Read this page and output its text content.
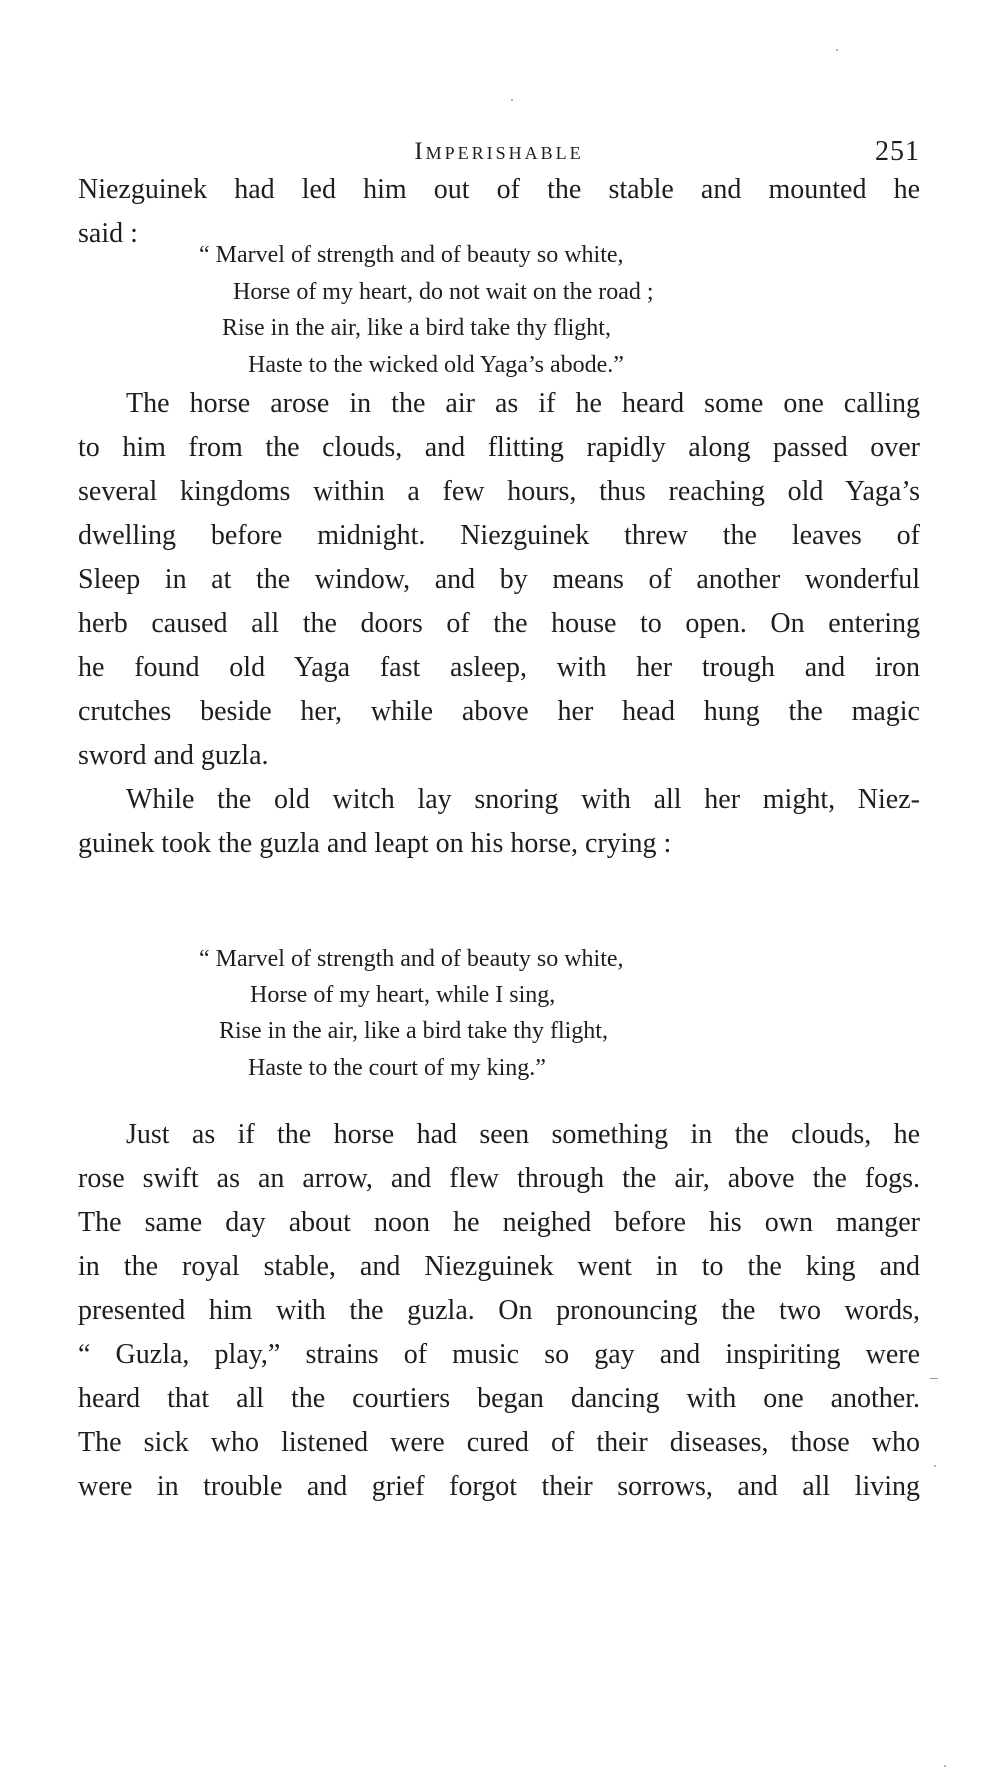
Imperishable	251
Niezguinek had led him out of the stable and mounted he
said :
“ Marvel of strength and of beauty so white,
Horse of my heart, do not wait on the road ;
Rise in the air, like a bird take thy flight,
Haste to the wicked old Yaga’s abode.”
The horse arose in the air as if he heard some one calling
to him from the clouds, and flitting rapidly along passed over
several kingdoms within a few hours, thus reaching old Yaga’s
dwelling before midnight. Niezguinek threw the leaves of
Sleep in at the window, and by means of another wonderful
herb caused all the doors of the house to open. On entering
he found old Yaga fast asleep, with her trough and iron
crutches beside her, while above her head hung the magic
sword and guzla.
While the old witch lay snoring with all her might, Niez-
guinek took the guzla and leapt on his horse, crying :
“ Marvel of strength and of beauty so white,
Horse of my heart, while I sing,
Rise in the air, like a bird take thy flight,
Haste to the court of my king.”
Just as if the horse had seen something in the clouds, he
rose swift as an arrow, and flew through the air, above the fogs.
The same day about noon he neighed before his own manger
in the royal stable, and Niezguinek went in to the king and
presented him with the guzla. On pronouncing the two words,
“ Guzla, play,” strains of music so gay and inspiriting were
heard that all the courtiers began dancing with one another.
The sick who listened were cured of their diseases, those who
were in trouble and grief forgot their sorrows, and all living
